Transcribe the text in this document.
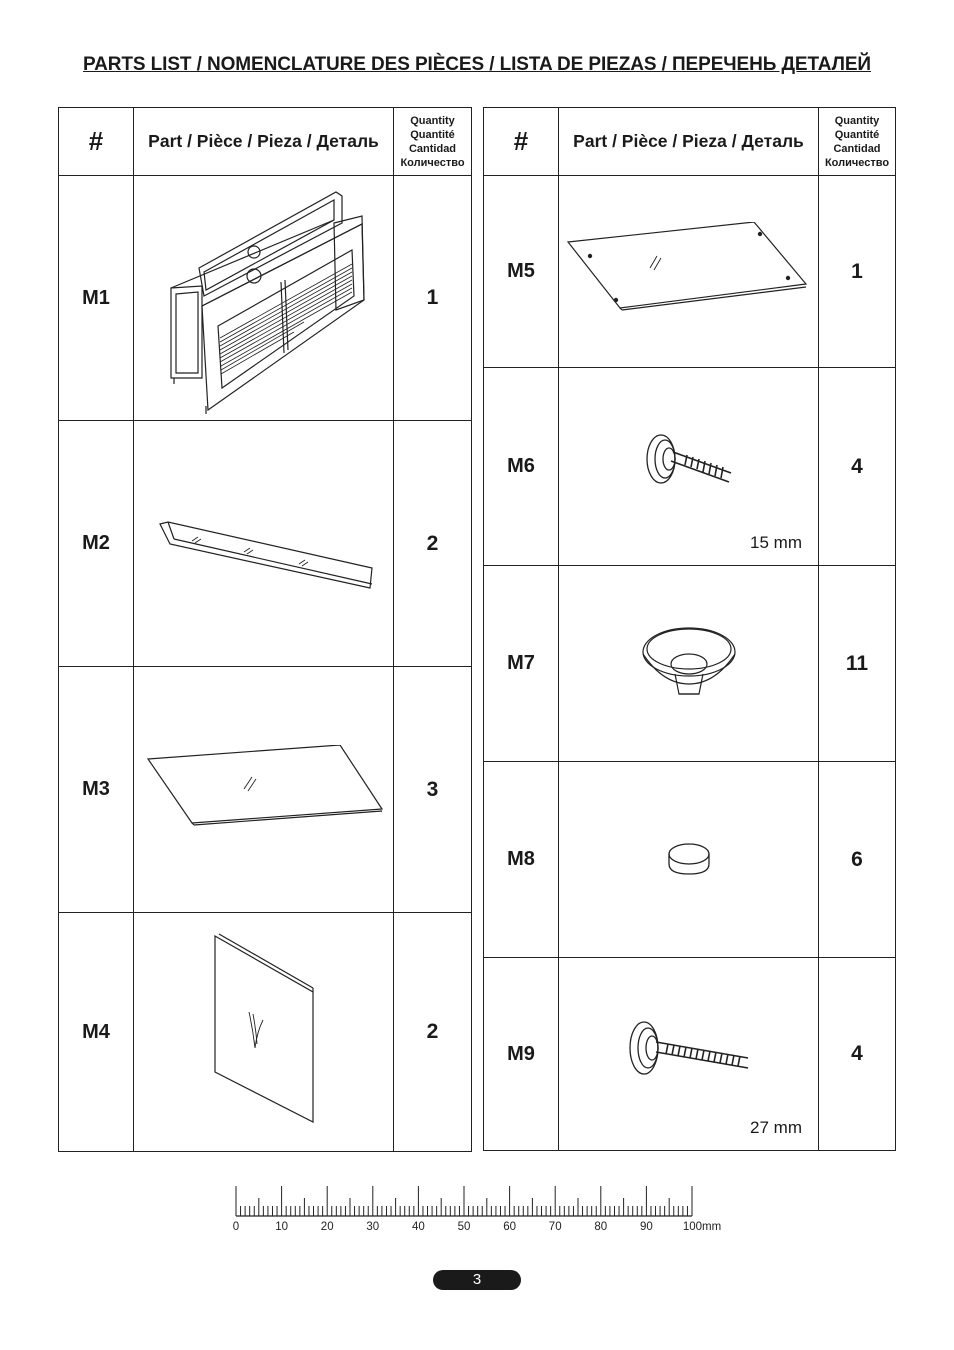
PARTS LIST / NOMENCLATURE DES PIÈCES / LISTA DE PIEZAS / ПЕРЕЧЕНЬ ДЕТАЛЕЙ
#	Part / Pièce / Pieza / Деталь	Quantity
Quantité
Cantidad
Количество

M1		1
M2		2
M3		3
M4		2
#	Part / Pièce / Pieza / Деталь	Quantity
Quantité
Cantidad
Количество

M5		1
M6	15 mm	4
M7		11
M8		6
M9	27 mm	4
0	10	20	30	40	50	60	70	80	90	100mm
3
